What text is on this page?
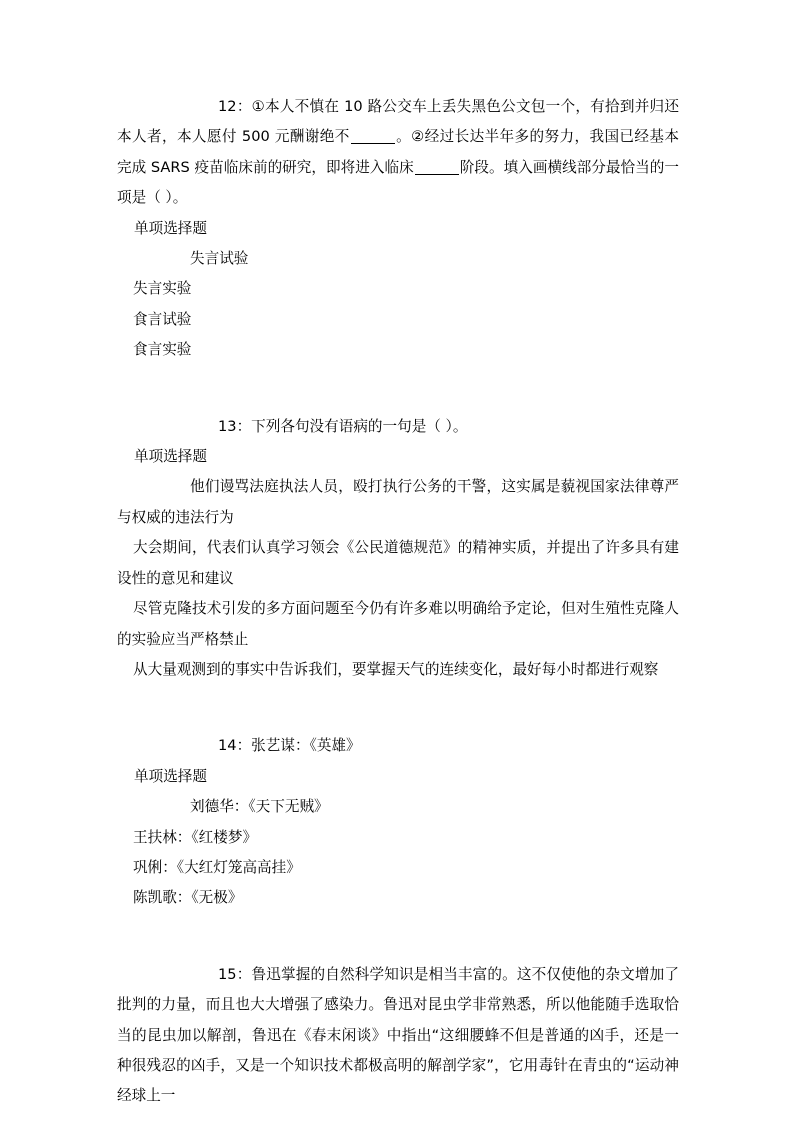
12：①本人不慎在 10 路公交车上丢失黑色公文包一个，有拾到并归还本人者，本人愿付 500 元酬谢绝不	。②经过长达半年多的努力，我国已经基本完成 SARS 疫苗临床前的研究，即将进入临床	阶段。填入画横线部分最恰当的一项是（ ）。

单项选择题

失言试验

失言实验

食言试验

食言实验

13：下列各句没有语病的一句是（ ）。

单项选择题

他们谩骂法庭执法人员，殴打执行公务的干警，这实属是藐视国家法律尊严与权威的违法行为

大会期间，代表们认真学习领会《公民道德规范》的精神实质，并提出了许多具有建设性的意见和建议

尽管克隆技术引发的多方面问题至今仍有许多难以明确给予定论，但对生殖性克隆人的实验应当严格禁止

从大量观测到的事实中告诉我们，要掌握天气的连续变化，最好每小时都进行观察

14：张艺谋：《英雄》

单项选择题

刘德华：《天下无贼》

王扶林：《红楼梦》

巩俐：《大红灯笼高高挂》

陈凯歌：《无极》

15：鲁迅掌握的自然科学知识是相当丰富的。这不仅使他的杂文增加了批判的力量，而且也大大增强了感染力。鲁迅对昆虫学非常熟悉，所以他能随手选取恰当的昆虫加以解剖，鲁迅在《春末闲谈》中指出“这细腰蜂不但是普通的凶手，还是一种很残忍的凶手，又是一个知识技术都极高明的解剖学家”，它用毒针在青虫的“运动神经球上一
